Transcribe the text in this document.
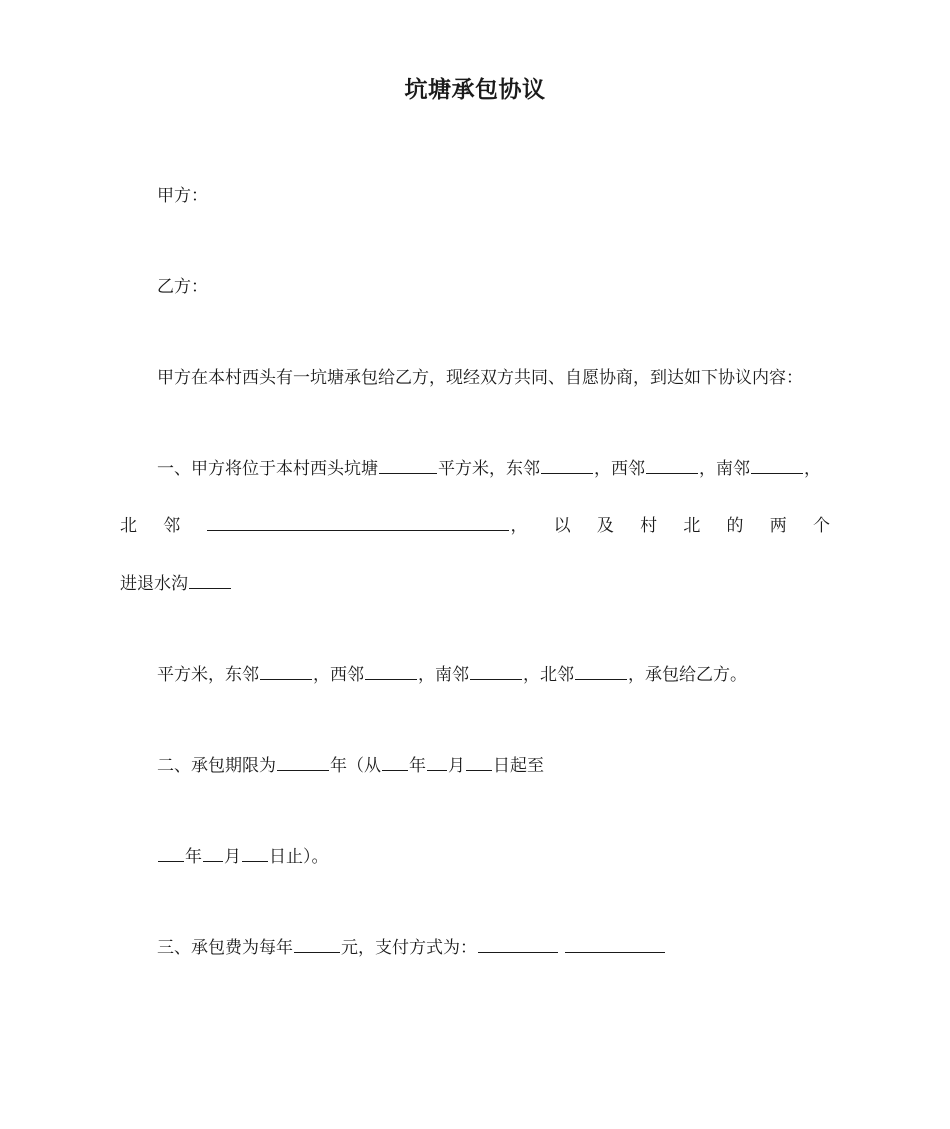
坑塘承包协议
甲方：
乙方：
甲方在本村西头有一坑塘承包给乙方，现经双方共同、自愿协商，到达如下协议内容：
一、甲方将位于本村西头坑塘	平方米，东邻	，西邻	，南邻	，
北 邻	， 以 及 村 北 的 两 个
进退水沟
平方米，东邻	，西邻	，南邻	，北邻	，承包给乙方。
二、承包期限为	年（从 年 月 日起至
年 月 日止）。
三、承包费为每年	元，支付方式为：
